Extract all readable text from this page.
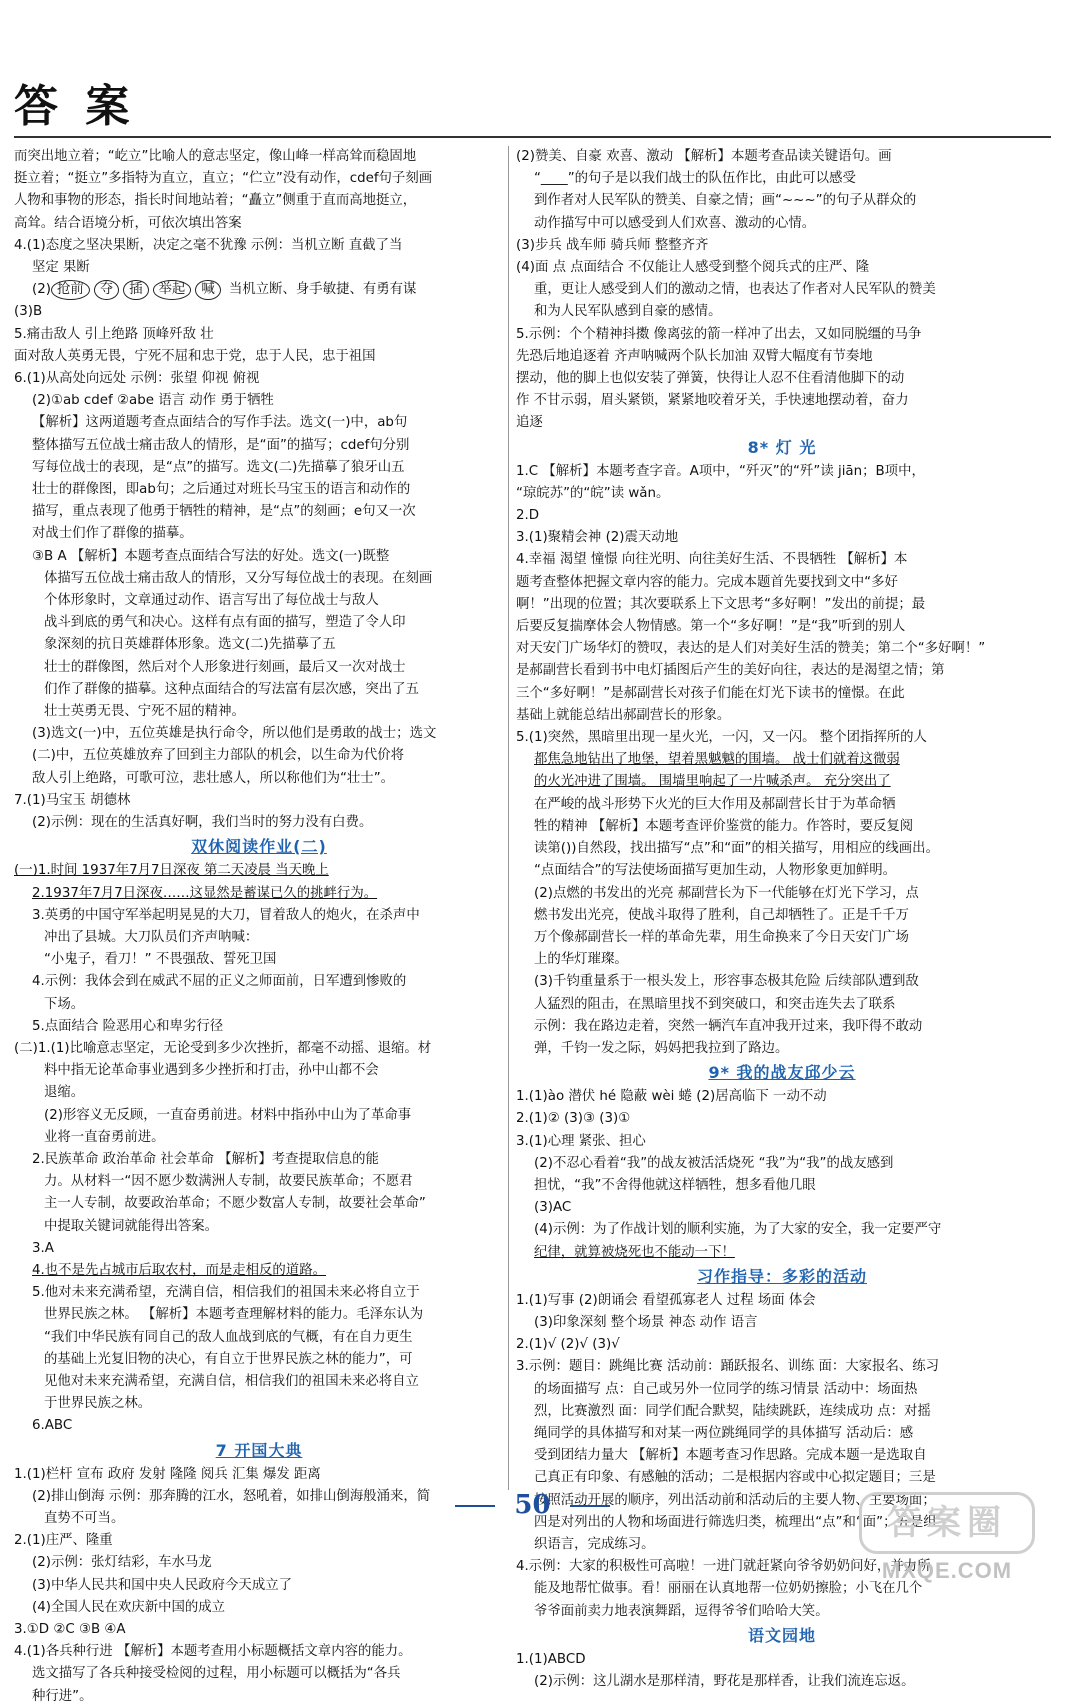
答 案
而突出地立着；“屹立”比喻人的意志坚定，像山峰一样高耸而稳固地
挺立着；“挺立”多指特为直立，直立；“伫立”没有动作，cdef句子刻画
人物和事物的形态，指长时间地站着；“矗立”侧重于直而高地挺立，
高耸。结合语境分析，可依次填出答案
4.(1)态度之坚决果断，决定之毫不犹豫 示例：当机立断 直截了当
坚定 果断
(2) 抢前 夺 插 举起 喊 当机立断、身手敏捷、有勇有谋
(3)B
5.痛击敌人 引上绝路 顶峰歼敌 壮
面对敌人英勇无畏，宁死不屈和忠于党，忠于人民，忠于祖国
6.(1)从高处向远处 示例：张望 仰视 俯视
(2)①ab cdef ②abe 语言 动作 勇于牺牲
【解析】这两道题考查点面结合的写作手法。选文(一)中，ab句
整体描写五位战士痛击敌人的情形，是“面”的描写；cdef句分别
写每位战士的表现，是“点”的描写。选文(二)先描摹了狼牙山五
壮士的群像图，即ab句；之后通过对班长马宝玉的语言和动作的
描写，重点表现了他勇于牺牲的精神，是“点”的刻画；e句又一次
对战士们作了群像的描摹。
③B A 【解析】本题考查点面结合写法的好处。选文(一)既整
体描写五位战士痛击敌人的情形，又分写每位战士的表现。在刻画
个体形象时，文章通过动作、语言写出了每位战士与敌人
战斗到底的勇气和决心。这样有点有面的描写，塑造了令人印
象深刻的抗日英雄群体形象。选文(二)先描摹了五
壮士的群像图，然后对个人形象进行刻画，最后又一次对战士
们作了群像的描摹。这种点面结合的写法富有层次感，突出了五
壮士英勇无畏、宁死不屈的精神。
(3)选文(一)中，五位英雄是执行命令，所以他们是勇敢的战士；选文
(二)中，五位英雄放弃了回到主力部队的机会，以生命为代价将
敌人引上绝路，可歌可泣，悲壮感人，所以称他们为“壮士”。
7.(1)马宝玉 胡德林
(2)示例：现在的生活真好啊，我们当时的努力没有白费。
双休阅读作业(二)
(一)1.时间 1937年7月7日深夜 第二天凌晨 当天晚上
2.1937年7月7日深夜……这显然是蓄谋已久的挑衅行为。
3.英勇的中国守军举起明晃晃的大刀，冒着敌人的炮火，在杀声中
冲出了县城。大刀队员们齐声呐喊：
“小鬼子，看刀！” 不畏强敌、誓死卫国
4.示例：我体会到在威武不屈的正义之师面前，日军遭到惨败的
下场。
5.点面结合 险恶用心和卑劣行径
(二)1.(1)比喻意志坚定，无论受到多少次挫折，都毫不动摇、退缩。材
料中指无论革命事业遇到多少挫折和打击，孙中山都不会
退缩。
(2)形容义无反顾，一直奋勇前进。材料中指孙中山为了革命事
业将一直奋勇前进。
2.民族革命 政治革命 社会革命 【解析】考查提取信息的能
力。从材料一“因不愿少数满洲人专制，故要民族革命；不愿君
主一人专制，故要政治革命；不愿少数富人专制，故要社会革命”
中提取关键词就能得出答案。
3.A
4.也不是先占城市后取农村，而是走相反的道路。
5.他对未来充满希望，充满自信，相信我们的祖国未来必将自立于
世界民族之林。 【解析】本题考查理解材料的能力。毛泽东认为
“我们中华民族有同自己的敌人血战到底的气概，有在自力更生
的基础上光复旧物的决心，有自立于世界民族之林的能力”，可
见他对未来充满希望，充满自信，相信我们的祖国未来必将自立
于世界民族之林。
6.ABC
7 开国大典
1.(1)栏杆 宣布 政府 发射 隆隆 阅兵 汇集 爆发 距离
(2)排山倒海 示例：那奔腾的江水，怒吼着，如排山倒海般涌来，简
直势不可当。
2.(1)庄严、隆重
(2)示例：张灯结彩，车水马龙
(3)中华人民共和国中央人民政府今天成立了
(4)全国人民在欢庆新中国的成立
3.①D ②C ③B ④A
4.(1)各兵种行进 【解析】本题考查用小标题概括文章内容的能力。
选文描写了各兵种接受检阅的过程，用小标题可以概括为“各兵
种行进”。
(2)赞美、自豪 欢喜、激动 【解析】本题考查品读关键语句。画
“____”的句子是以我们战士的队伍作比，由此可以感受
到作者对人民军队的赞美、自豪之情；画“~~~”的句子从群众的
动作描写中可以感受到人们欢喜、激动的心情。
(3)步兵 战车师 骑兵师 整整齐齐
(4)面 点 点面结合 不仅能让人感受到整个阅兵式的庄严、隆
重，更让人感受到人们的激动之情，也表达了作者对人民军队的赞美
和为人民军队感到自豪的感情。
5.示例：个个精神抖擞 像离弦的箭一样冲了出去，又如同脱缰的马争
先恐后地追逐着 齐声呐喊两个队长加油 双臂大幅度有节奏地
摆动，他的脚上也似安装了弹簧，快得让人忍不住看清他脚下的动
作 不甘示弱，眉头紧锁，紧紧地咬着牙关，手快速地摆动着，奋力
追逐
8* 灯 光
1.C 【解析】本题考查字音。A项中，“歼灭”的“歼”读 jiān；B项中，
“琼皖苏”的“皖”读 wǎn。
2.D
3.(1)聚精会神 (2)震天动地
4.幸福 渴望 憧憬 向往光明、向往美好生活、不畏牺牲 【解析】本
题考查整体把握文章内容的能力。完成本题首先要找到文中“多好
啊！”出现的位置；其次要联系上下文思考“多好啊！”发出的前提；最
后要反复揣摩体会人物情感。第一个“多好啊！”是“我”听到的别人
对天安门广场华灯的赞叹，表达的是人们对美好生活的赞美；第二个“多好啊！”
是郝副营长看到书中电灯插图后产生的美好向往，表达的是渴望之情；第
三个“多好啊！”是郝副营长对孩子们能在灯光下读书的憧憬。在此
基础上就能总结出郝副营长的形象。
5.(1)突然，黑暗里出现一星火光，一闪，又一闪。 整个团指挥所的人
都焦急地钻出了地堡，望着黑魆魆的围墙。 战士们就着这微弱
的火光冲进了围墙。 围墙里响起了一片喊杀声。 充分突出了
在严峻的战斗形势下火光的巨大作用及郝副营长甘于为革命牺
牲的精神 【解析】本题考查评价鉴赏的能力。作答时，要反复阅
读第())自然段，找出描写“点”和“面”的相关描写，用相应的线画出。
“点面结合”的写法使场面描写更加生动，人物形象更加鲜明。
(2)点燃的书发出的光亮 郝副营长为下一代能够在灯光下学习，点
燃书发出光亮，使战斗取得了胜利，自己却牺牲了。正是千千万
万个像郝副营长一样的革命先辈，用生命换来了今日天安门广场
上的华灯璀璨。
(3)千钧重量系于一根头发上，形容事态极其危险 后续部队遭到敌
人猛烈的阻击，在黑暗里找不到突破口，和突击连失去了联系
示例：我在路边走着，突然一辆汽车直冲我开过来，我吓得不敢动
弹，千钧一发之际，妈妈把我拉到了路边。
9* 我的战友邱少云
1.(1)ào 潜伏 hé 隐蔽 wèi 蜷 (2)居高临下 一动不动
2.(1)② (3)③ (3)①
3.(1)心理 紧张、担心
(2)不忍心看着“我”的战友被活活烧死 “我”为“我”的战友感到
担忧，“我”不舍得他就这样牺牲，想多看他几眼
(3)AC
(4)示例：为了作战计划的顺利实施，为了大家的安全，我一定要严守
纪律，就算被烧死也不能动一下！
习作指导：多彩的活动
1.(1)写事 (2)朗诵会 看望孤寡老人 过程 场面 体会
(3)印象深刻 整个场景 神态 动作 语言
2.(1)√ (2)√ (3)√
3.示例：题目：跳绳比赛 活动前：踊跃报名、训练 面：大家报名、练习
的场面描写 点：自己或另外一位同学的练习情景 活动中：场面热
烈，比赛激烈 面：同学们配合默契，陆续跳跃，连续成功 点：对摇
绳同学的具体描写和对某一两位跳绳同学的具体描写 活动后：感
受到团结力量大 【解析】本题考查习作思路。完成本题一是选取自
己真正有印象、有感触的活动；二是根据内容或中心拟定题目；三是
按照活动开展的顺序，列出活动前和活动后的主要人物、主要场面；
四是对列出的人物和场面进行筛选归类，梳理出“点”和“面”；五是组
织语言，完成练习。
4.示例：大家的积极性可高啦！一进门就赶紧向爷爷奶奶问好，并力所
能及地帮忙做事。看！丽丽在认真地帮一位奶奶擦脸；小飞在几个
爷爷面前卖力地表演舞蹈，逗得爷爷们哈哈大笑。
语文园地
1.(1)ABCD
(2)示例：这儿湖水是那样清，野花是那样香，让我们流连忘返。
50	答案圈
MXQE.COM
